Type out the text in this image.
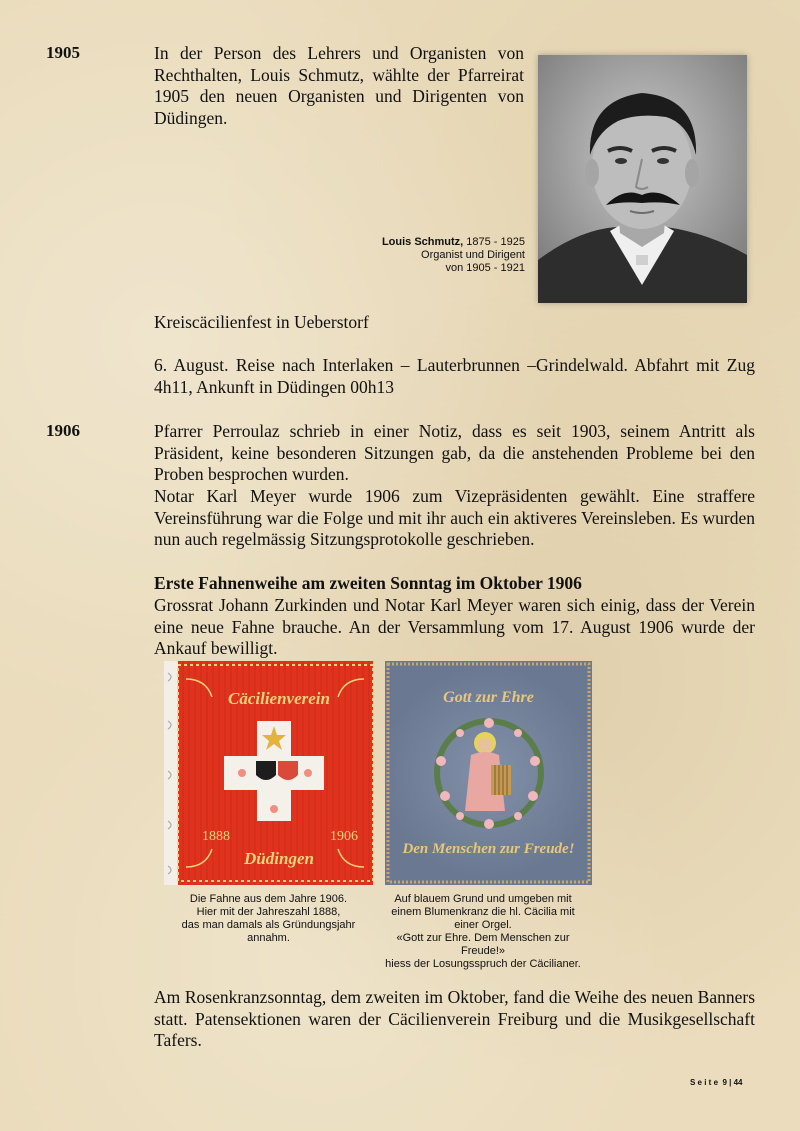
1905	In der Person des Lehrers und Organisten von Rechthalten, Louis Schmutz, wählte der Pfarreirat 1905 den neuen Organisten und Dirigenten von Düdingen.

Louis Schmutz, 1875 - 1925
Organist und Dirigent
von 1905 - 1921

Kreiscäcilienfest in Ueberstorf

6. August. Reise nach Interlaken – Lauterbrunnen –Grindelwald. Abfahrt mit Zug 4h11, Ankunft in Düdingen 00h13

1906	Pfarrer Perroulaz schrieb in einer Notiz, dass es seit 1903, seinem Antritt als Präsident, keine besonderen Sitzungen gab, da die anstehenden Probleme bei den Proben besprochen wurden.

Notar Karl Meyer wurde 1906 zum Vizepräsidenten gewählt. Eine straffere Vereinsführung war die Folge und mit ihr auch ein aktiveres Vereinsleben. Es wurden nun auch regelmässig Sitzungsprotokolle geschrieben.

Erste Fahnenweihe am zweiten Sonntag im Oktober 1906

Grossrat Johann Zurkinden und Notar Karl Meyer waren sich einig, dass der Verein eine neue Fahne brauche. An der Versammlung vom 17. August 1906 wurde der Ankauf bewilligt.

Cäcilienverein
1888	1906
Düdingen
Gott zur Ehre
Den Menschen zur Freude!
Die Fahne aus dem Jahre 1906.
Hier mit der Jahreszahl 1888,
das man damals als Gründungsjahr
annahm.
Auf blauem Grund und umgeben mit
einem Blumenkranz die hl. Cäcilia mit
einer Orgel.
«Gott zur Ehre. Dem Menschen zur
Freude!»
hiess der Losungsspruch der Cäcilianer.

Am Rosenkranzsonntag, dem zweiten im Oktober, fand die Weihe des neuen Banners statt. Patensektionen waren der Cäcilienverein Freiburg und die Musikgesellschaft Tafers.

S e i t e  9 | 44
